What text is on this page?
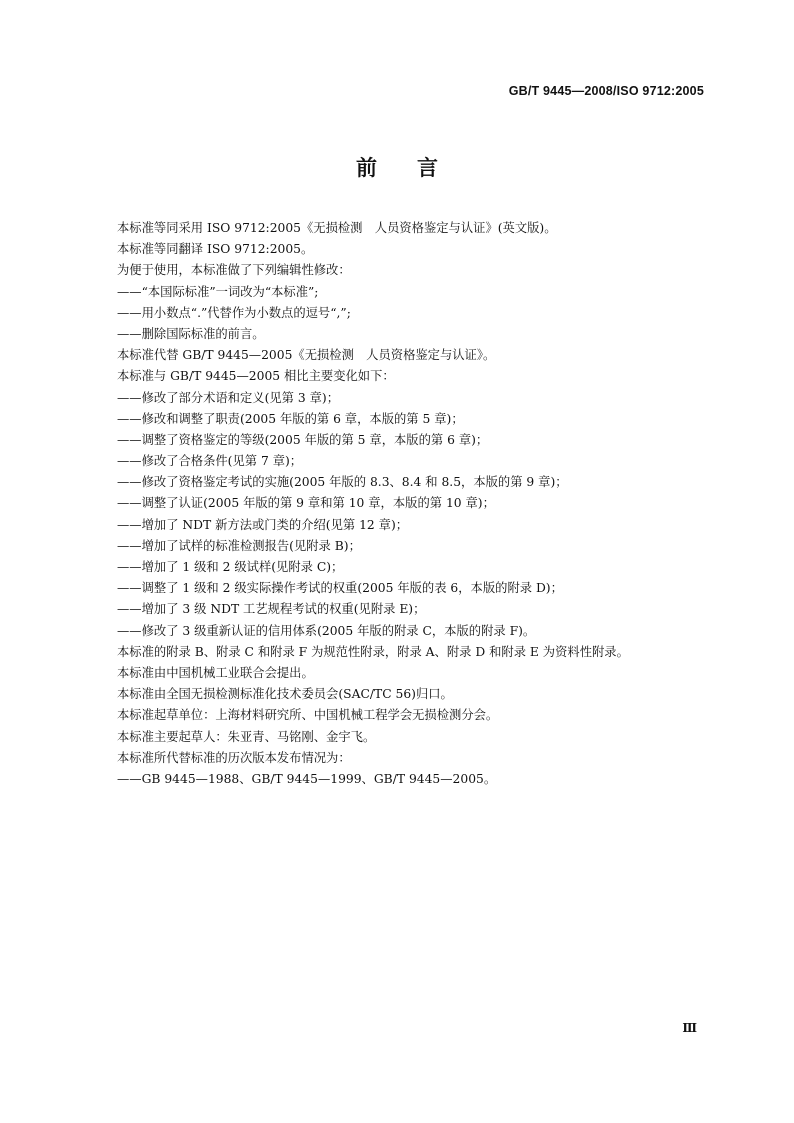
GB/T 9445—2008/ISO 9712:2005
前言
本标准等同采用 ISO 9712:2005《无损检测　人员资格鉴定与认证》(英文版)。
本标准等同翻译 ISO 9712:2005。
为便于使用，本标准做了下列编辑性修改：
——“本国际标准”一词改为“本标准”;
——用小数点“.”代替作为小数点的逗号“,”;
——删除国际标准的前言。
本标准代替 GB/T 9445—2005《无损检测　人员资格鉴定与认证》。
本标准与 GB/T 9445—2005 相比主要变化如下：
——修改了部分术语和定义(见第 3 章)；
——修改和调整了职责(2005 年版的第 6 章，本版的第 5 章)；
——调整了资格鉴定的等级(2005 年版的第 5 章，本版的第 6 章)；
——修改了合格条件(见第 7 章)；
——修改了资格鉴定考试的实施(2005 年版的 8.3、8.4 和 8.5，本版的第 9 章)；
——调整了认证(2005 年版的第 9 章和第 10 章，本版的第 10 章)；
——增加了 NDT 新方法或门类的介绍(见第 12 章)；
——增加了试样的标准检测报告(见附录 B)；
——增加了 1 级和 2 级试样(见附录 C)；
——调整了 1 级和 2 级实际操作考试的权重(2005 年版的表 6，本版的附录 D)；
——增加了 3 级 NDT 工艺规程考试的权重(见附录 E)；
——修改了 3 级重新认证的信用体系(2005 年版的附录 C，本版的附录 F)。
本标准的附录 B、附录 C 和附录 F 为规范性附录，附录 A、附录 D 和附录 E 为资料性附录。
本标准由中国机械工业联合会提出。
本标准由全国无损检测标准化技术委员会(SAC/TC 56)归口。
本标准起草单位：上海材料研究所、中国机械工程学会无损检测分会。
本标准主要起草人：朱亚青、马铭刚、金宇飞。
本标准所代替标准的历次版本发布情况为：
——GB 9445—1988、GB/T 9445—1999、GB/T 9445—2005。
Ⅲ
